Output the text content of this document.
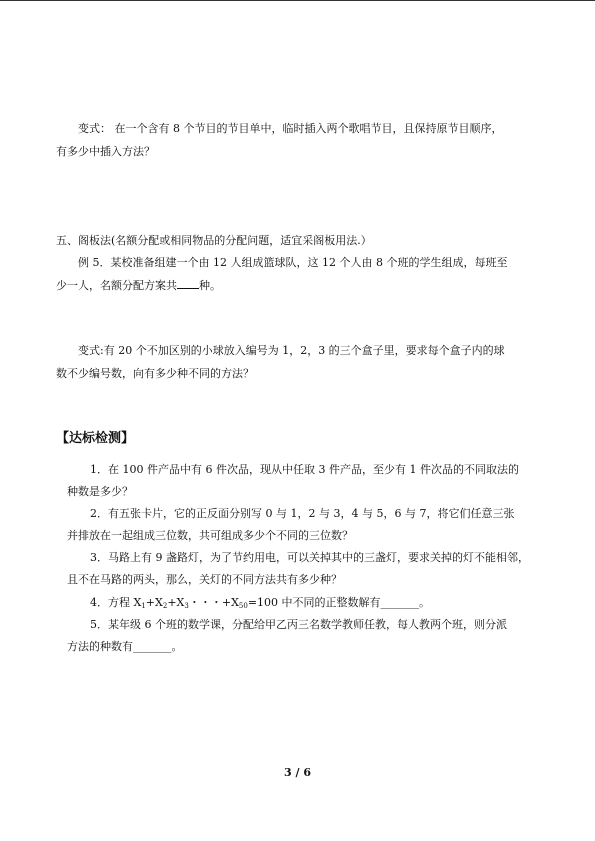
变式： 在一个含有 8 个节目的节目单中，临时插入两个歌唱节目，且保持原节目顺序，
有多少中插入方法？
五、阁板法(名额分配或相同物品的分配问题，适宜采阁板用法.）
例 5．某校准备组建一个由 12 人组成篮球队，这 12 个人由 8 个班的学生组成，每班至
少一人，名额分配方案共 种。
变式:有 20 个不加区别的小球放入编号为 1，2，3 的三个盒子里，要求每个盒子内的球
数不少编号数，向有多少种不同的方法？
【达标检测】
1．在 100 件产品中有 6 件次品，现从中任取 3 件产品，至少有 1 件次品的不同取法的
种数是多少？
2．有五张卡片，它的正反面分别写 0 与 1，2 与 3，4 与 5，6 与 7，将它们任意三张
并排放在一起组成三位数，共可组成多少个不同的三位数？
3．马路上有 9 盏路灯，为了节约用电，可以关掉其中的三盏灯，要求关掉的灯不能相邻，
且不在马路的两头，那么，关灯的不同方法共有多少种？
4．方程 $X_1+X_2+X_3$・・・$+X_{50}=100$ 中不同的正整数解有_______。
5．某年级 6 个班的数学课，分配给甲乙丙三名数学教师任教，每人教两个班，则分派
方法的种数有_______。
3 / 6
